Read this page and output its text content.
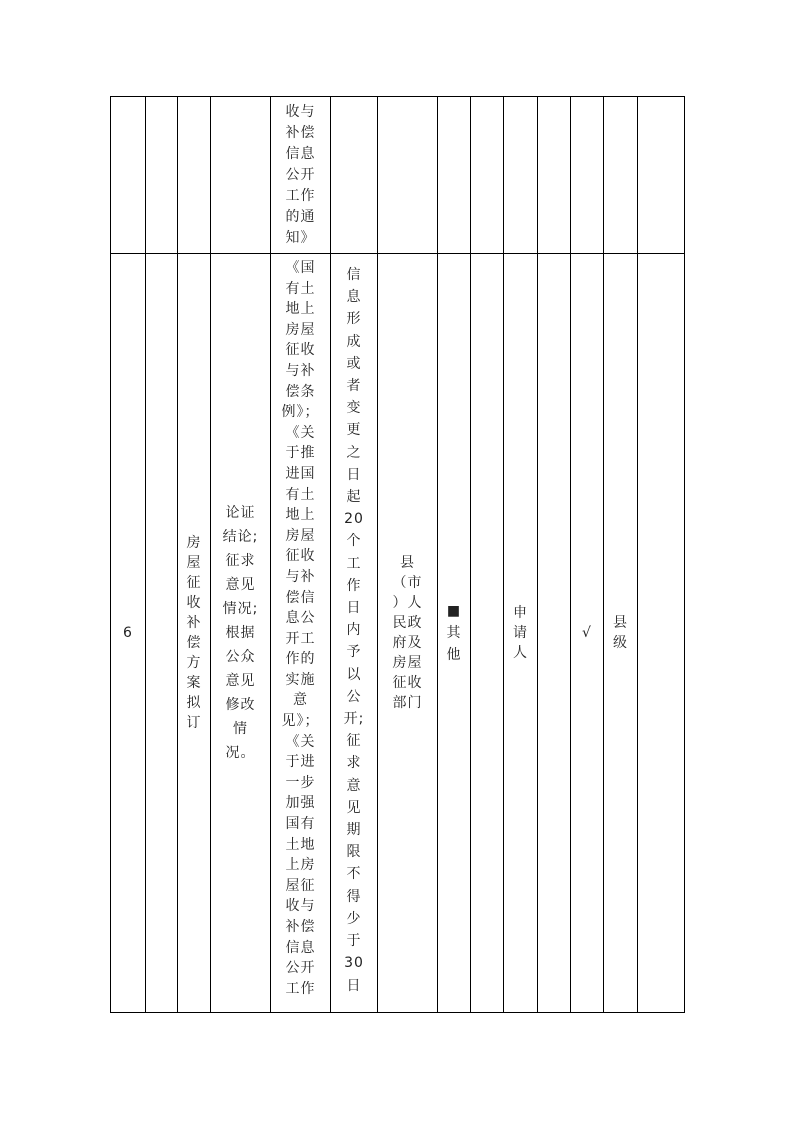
收与
补偿
信息
公开
工作
的通
知》
6
房
屋
征
收
补
偿
方
案
拟
订
论证
结论;
征求
意见
情况;
根据
公众
意见
修改
情
况。
《国
有土
地上
房屋
征收
与补
偿条
例》；
《关
于推
进国
有土
地上
房屋
征收
与补
偿信
息公
开工
作的
实施
意
见》；
《关
于进
一步
加强
国有
土地
上房
屋征
收与
补偿
信息
公开
工作
信
息
形
成
或
者
变
更
之
日
起
20
个
工
作
日
内
予
以
公
开;
征
求
意
见
期
限
不
得
少
于
30
日
县
（市
）人
民政
府及
房屋
征收
部门
■
其
他
申
请
人
√
县
级
